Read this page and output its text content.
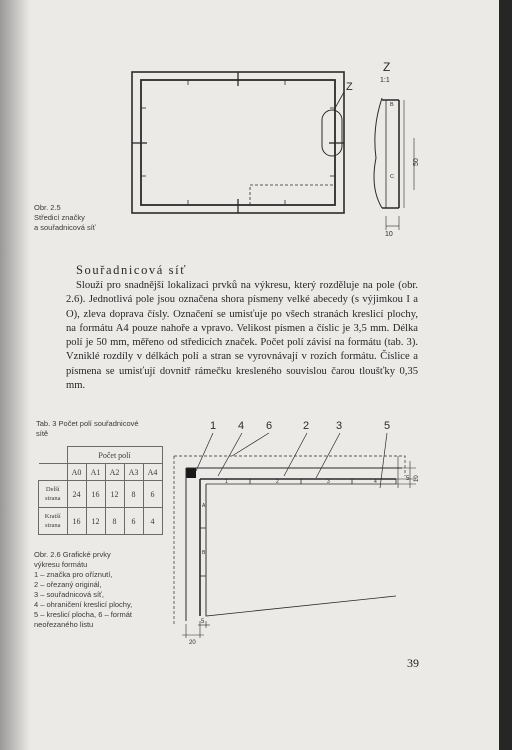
Z
Z
1:1
B
C
50
10
Obr. 2.5
Středicí značky
a souřadnicová síť
Souřadnicová síť

Slouží pro snadnější lokalizaci prvků na výkresu, který rozděluje na pole (obr. 2.6). Jednotlivá pole jsou označena shora písmeny velké abecedy (s výjimkou I a O), zleva doprava čísly. Označení se umisťuje po všech stranách kreslicí plochy, na formátu A4 pouze nahoře a vpravo. Velikost písmen a číslic je 3,5 mm. Délka polí je 50 mm, měřeno od středicích značek. Počet polí závisí na formátu (tab. 3). Vzniklé rozdíly v délkách polí a stran se vyrovnávají v rozích formátu. Číslice a písmena se umisťují dovnitř rámečku kresleného souvislou čarou tloušťky 0,35 mm.

Tab. 3 Počet polí souřadnicové
sítě
	Počet polí				
	A0	A1	A2	A3	A4

Delší
strana	24	16	12	8	6

Kratší
strana	16	12	8	6	4
1 4 6	2 3	5
1	2	3	4
A
B
5 10
5
20
Obr. 2.6 Grafické prvky
výkresu formátu
1 – značka pro oříznutí,
2 – ořezaný originál,
3 – souřadnicová síť,
4 – ohraničení kreslicí plochy,
5 – kreslicí plocha, 6 – formát
neořezaného listu
39
